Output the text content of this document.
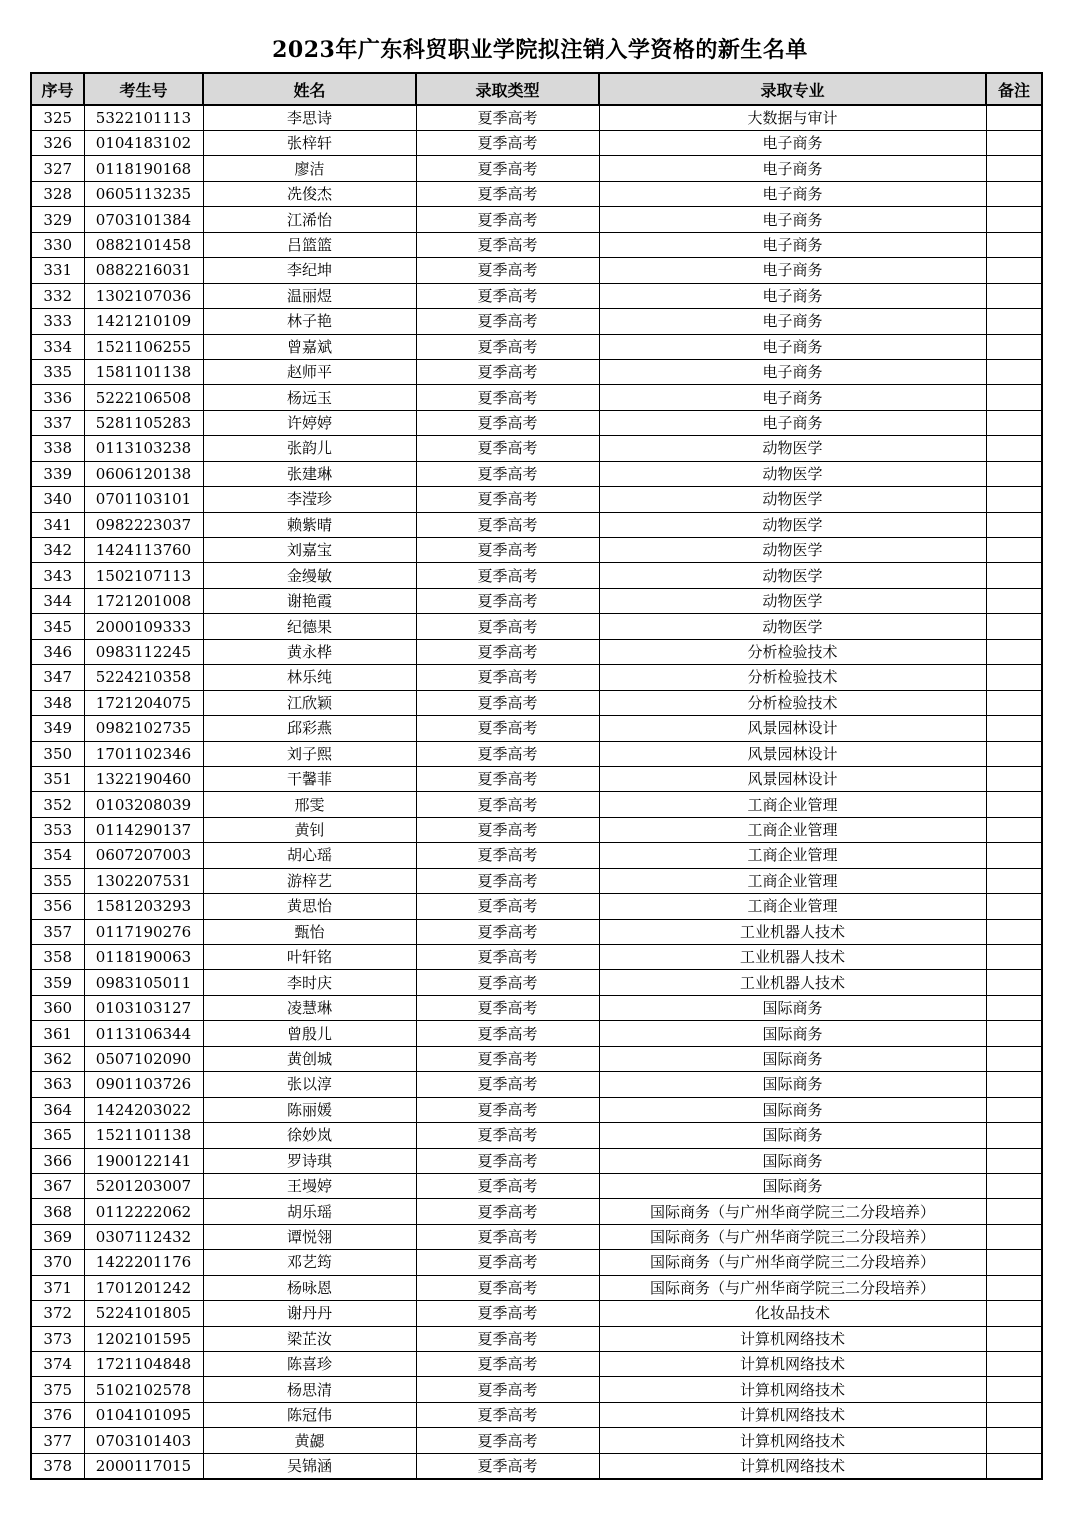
2023年广东科贸职业学院拟注销入学资格的新生名单
序号	考生号	姓名	录取类型	录取专业	备注
325	5322101113	李思诗	夏季高考	大数据与审计	
326	0104183102	张梓轩	夏季高考	电子商务	
327	0118190168	廖洁	夏季高考	电子商务	
328	0605113235	冼俊杰	夏季高考	电子商务	
329	0703101384	江浠怡	夏季高考	电子商务	
330	0882101458	吕篮篮	夏季高考	电子商务	
331	0882216031	李纪坤	夏季高考	电子商务	
332	1302107036	温丽煜	夏季高考	电子商务	
333	1421210109	林子艳	夏季高考	电子商务	
334	1521106255	曾嘉斌	夏季高考	电子商务	
335	1581101138	赵师平	夏季高考	电子商务	
336	5222106508	杨远玉	夏季高考	电子商务	
337	5281105283	许婷婷	夏季高考	电子商务	
338	0113103238	张韵儿	夏季高考	动物医学	
339	0606120138	张建琳	夏季高考	动物医学	
340	0701103101	李滢珍	夏季高考	动物医学	
341	0982223037	赖紫晴	夏季高考	动物医学	
342	1424113760	刘嘉宝	夏季高考	动物医学	
343	1502107113	金缦敏	夏季高考	动物医学	
344	1721201008	谢艳霞	夏季高考	动物医学	
345	2000109333	纪德果	夏季高考	动物医学	
346	0983112245	黄永桦	夏季高考	分析检验技术	
347	5224210358	林乐纯	夏季高考	分析检验技术	
348	1721204075	江欣颖	夏季高考	分析检验技术	
349	0982102735	邱彩燕	夏季高考	风景园林设计	
350	1701102346	刘子熙	夏季高考	风景园林设计	
351	1322190460	干馨菲	夏季高考	风景园林设计	
352	0103208039	邢雯	夏季高考	工商企业管理	
353	0114290137	黄钊	夏季高考	工商企业管理	
354	0607207003	胡心瑶	夏季高考	工商企业管理	
355	1302207531	游梓艺	夏季高考	工商企业管理	
356	1581203293	黄思怡	夏季高考	工商企业管理	
357	0117190276	甄怡	夏季高考	工业机器人技术	
358	0118190063	叶轩铭	夏季高考	工业机器人技术	
359	0983105011	李时庆	夏季高考	工业机器人技术	
360	0103103127	凌慧琳	夏季高考	国际商务	
361	0113106344	曾殷儿	夏季高考	国际商务	
362	0507102090	黄创城	夏季高考	国际商务	
363	0901103726	张以淳	夏季高考	国际商务	
364	1424203022	陈丽媛	夏季高考	国际商务	
365	1521101138	徐妙岚	夏季高考	国际商务	
366	1900122141	罗诗琪	夏季高考	国际商务	
367	5201203007	王墁婷	夏季高考	国际商务	
368	0112222062	胡乐瑶	夏季高考	国际商务（与广州华商学院三二分段培养）	
369	0307112432	谭悦翎	夏季高考	国际商务（与广州华商学院三二分段培养）	
370	1422201176	邓艺筠	夏季高考	国际商务（与广州华商学院三二分段培养）	
371	1701201242	杨咏恩	夏季高考	国际商务（与广州华商学院三二分段培养）	
372	5224101805	谢丹丹	夏季高考	化妆品技术	
373	1202101595	梁芷汝	夏季高考	计算机网络技术	
374	1721104848	陈喜珍	夏季高考	计算机网络技术	
375	5102102578	杨思清	夏季高考	计算机网络技术	
376	0104101095	陈冠伟	夏季高考	计算机网络技术	
377	0703101403	黄勰	夏季高考	计算机网络技术	
378	2000117015	吴锦涵	夏季高考	计算机网络技术	
